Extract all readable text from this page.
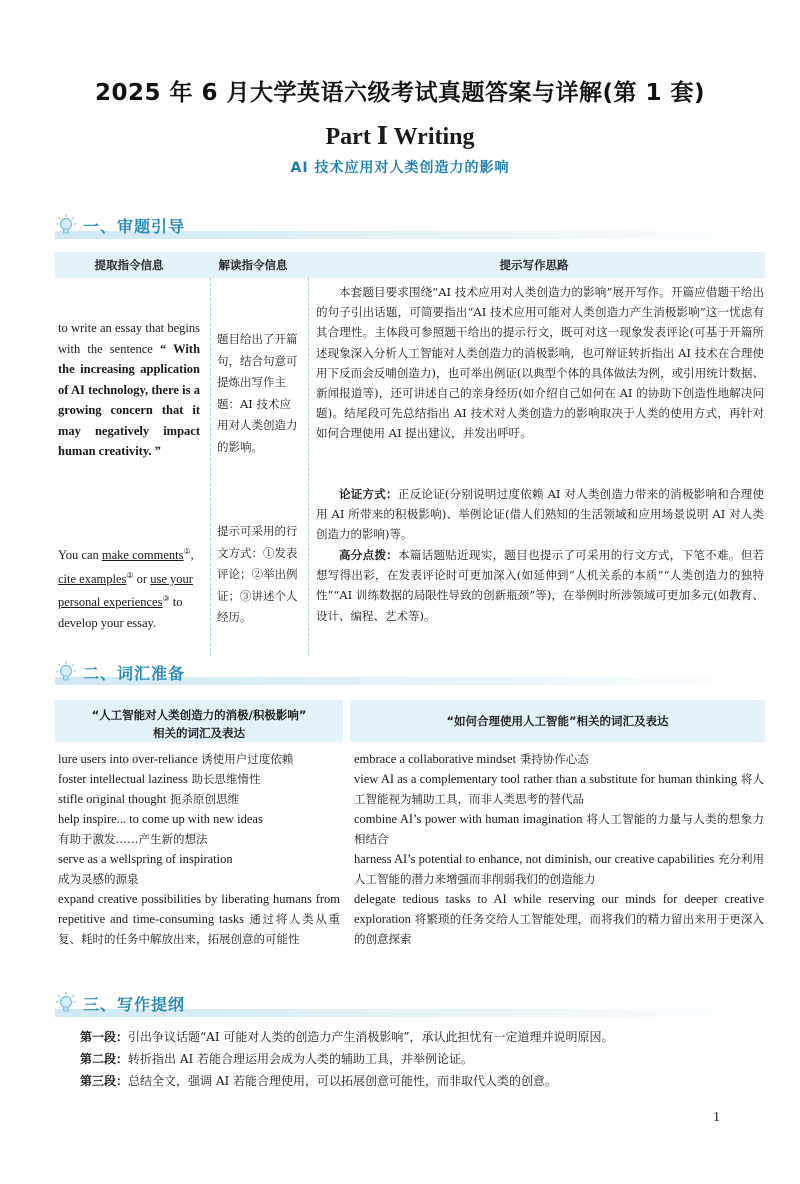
2025 年 6 月大学英语六级考试真题答案与详解(第 1 套)
Part Ⅰ Writing
AI 技术应用对人类创造力的影响
一、审题引导
提取指令信息	解读指令信息	提示写作思路
to write an essay that begins with the sentence “ With the increasing application of AI technology, there is a growing concern that it may negatively impact human creativity. ”
题目给出了开篇句，结合句意可提炼出写作主题：AI 技术应用对人类创造力的影响。
You can make comments①, cite examples② or use your personal experiences③ to develop your essay.
提示可采用的行文方式：①发表评论；②举出例证；③讲述个人经历。
本套题目要求围绕“AI 技术应用对人类创造力的影响”展开写作。开篇应借题干给出的句子引出话题，可简要指出“AI 技术应用可能对人类创造力产生消极影响”这一忧虑有其合理性。主体段可参照题干给出的提示行文，既可对这一现象发表评论(可基于开篇所述现象深入分析人工智能对人类创造力的消极影响，也可辩证转折指出 AI 技术在合理使用下反而会反哺创造力)，也可举出例证(以典型个体的具体做法为例，或引用统计数据、新闻报道等)，还可讲述自己的亲身经历(如介绍自己如何在 AI 的协助下创造性地解决问题)。结尾段可先总结指出 AI 技术对人类创造力的影响取决于人类的使用方式，再针对如何合理使用 AI 提出建议，并发出呼吁。
论证方式：正反论证(分别说明过度依赖 AI 对人类创造力带来的消极影响和合理使用 AI 所带来的积极影响)、举例论证(借人们熟知的生活领域和应用场景说明 AI 对人类创造力的影响)等。
高分点拨：本篇话题贴近现实，题目也提示了可采用的行文方式，下笔不难。但若想写得出彩，在发表评论时可更加深入(如延伸到“人机关系的本质”“人类创造力的独特性”“AI 训练数据的局限性导致的创新瓶颈”等)，在举例时所涉领域可更加多元(如教育、设计、编程、艺术等)。
二、词汇准备
“人工智能对人类创造力的消极/积极影响”
相关的词汇及表达
“如何合理使用人工智能”相关的词汇及表达
lure users into over-reliance 诱使用户过度依赖
foster intellectual laziness 助长思维惰性
stifle original thought 扼杀原创思维
help inspire... to come up with new ideas
有助于激发……产生新的想法
serve as a wellspring of inspiration
成为灵感的源泉
expand creative possibilities by liberating humans from repetitive and time-consuming tasks 通过将人类从重复、耗时的任务中解放出来，拓展创意的可能性
embrace a collaborative mindset 秉持协作心态
view AI as a complementary tool rather than a substitute for human thinking 将人工智能视为辅助工具，而非人类思考的替代品
combine AI’s power with human imagination 将人工智能的力量与人类的想象力相结合
harness AI’s potential to enhance, not diminish, our creative capabilities 充分利用人工智能的潜力来增强而非削弱我们的创造能力
delegate tedious tasks to AI while reserving our minds for deeper creative exploration 将繁琐的任务交给人工智能处理，而将我们的精力留出来用于更深入的创意探索
三、写作提纲
第一段：引出争议话题“AI 可能对人类的创造力产生消极影响”，承认此担忧有一定道理并说明原因。
第二段：转折指出 AI 若能合理运用会成为人类的辅助工具，并举例论证。
第三段：总结全文，强调 AI 若能合理使用，可以拓展创意可能性，而非取代人类的创意。
1
